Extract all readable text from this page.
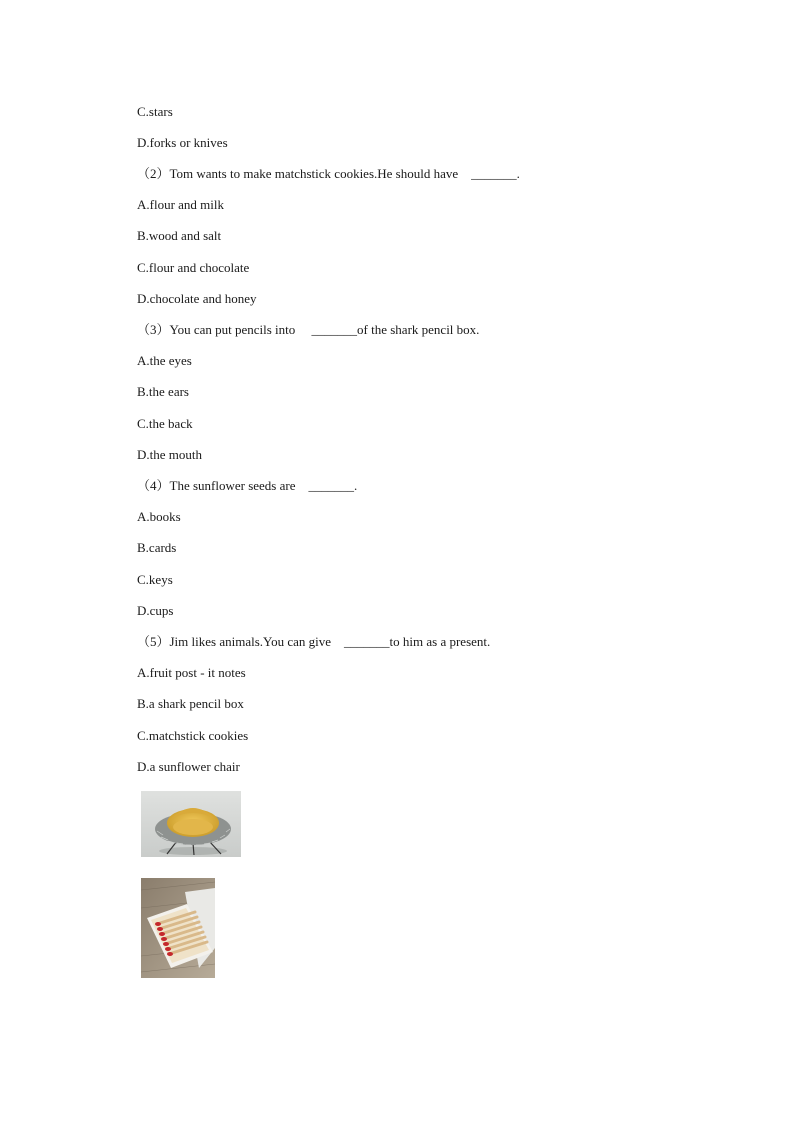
C.stars
D.forks or knives
（2）Tom wants to make matchstick cookies.He should have    _______.
A.flour and milk
B.wood and salt
C.flour and chocolate
D.chocolate and honey
（3）You can put pencils into     _______of the shark pencil box.
A.the eyes
B.the ears
C.the back
D.the mouth
（4）The sunflower seeds are    _______.
A.books
B.cards
C.keys
D.cups
（5）Jim likes animals.You can give    _______to him as a present.
A.fruit post - it notes
B.a shark pencil box
C.matchstick cookies
D.a sunflower chair
